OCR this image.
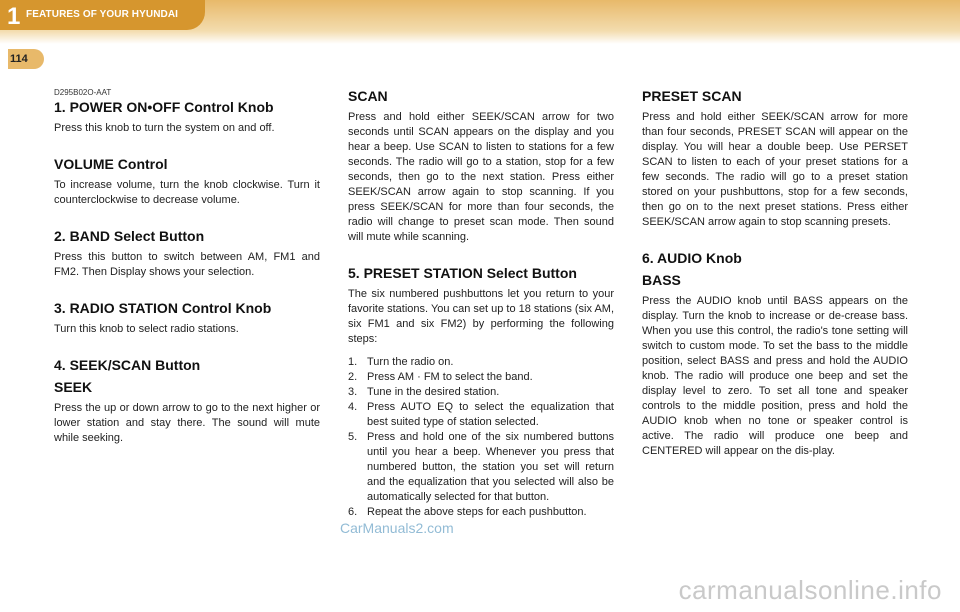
1 FEATURES OF YOUR HYUNDAI
114
D295B02O-AAT
1. POWER ON•OFF Control Knob

Press this knob to turn the system on and off.

VOLUME Control

To increase volume, turn the knob clockwise. Turn it counterclockwise to decrease volume.

2. BAND Select Button

Press this button to switch between AM, FM1 and FM2. Then Display shows your selection.

3. RADIO STATION Control Knob

Turn this knob to select radio stations.

4. SEEK/SCAN Button
SEEK

Press the up or down arrow to go to the next higher or lower station and stay there. The sound will mute while seeking.

SCAN

Press and hold either SEEK/SCAN arrow for two seconds until SCAN appears on the display and you hear a beep. Use SCAN to listen to stations for a few seconds. The radio will go to a station, stop for a few seconds, then go to the next station. Press either SEEK/SCAN arrow again to stop scanning. If you press SEEK/SCAN for more than four seconds, the radio will change to preset scan mode. Then sound will mute while scanning.

5. PRESET STATION Select Button

The six numbered pushbuttons let you return to your favorite stations. You can set up to 18 stations (six AM, six FM1 and six FM2) by performing the following steps:

1. Turn the radio on.
2. Press AM · FM to select the band.
3. Tune in the desired station.
4. Press AUTO EQ to select the equalization that best suited type of station selected.
5. Press and hold one of the six numbered buttons until you hear a beep. Whenever you press that numbered button, the station you set will return and the equalization that you selected will also be automatically selected for that button.
6. Repeat the above steps for each pushbutton.
PRESET SCAN

Press and hold either SEEK/SCAN arrow for more than four seconds, PRESET SCAN will appear on the display. You will hear a double beep. Use PERSET SCAN to listen to each of your preset stations for a few seconds. The radio will go to a preset station stored on your pushbuttons, stop for a few seconds, then go on to the next preset stations. Press either SEEK/SCAN arrow again to stop scanning presets.

6. AUDIO Knob
BASS

Press the AUDIO knob until BASS appears on the display. Turn the knob to increase or de-crease bass. When you use this control, the radio's tone setting will switch to custom mode. To set the bass to the middle position, select BASS and press and hold the AUDIO knob. The radio will produce one beep and set the display level to zero. To set all tone and speaker controls to the middle position, press and hold the AUDIO knob when no tone or speaker control is active. The radio will produce one beep and CENTERED will appear on the dis-play.

CarManuals2.com
carmanualsonline.info
